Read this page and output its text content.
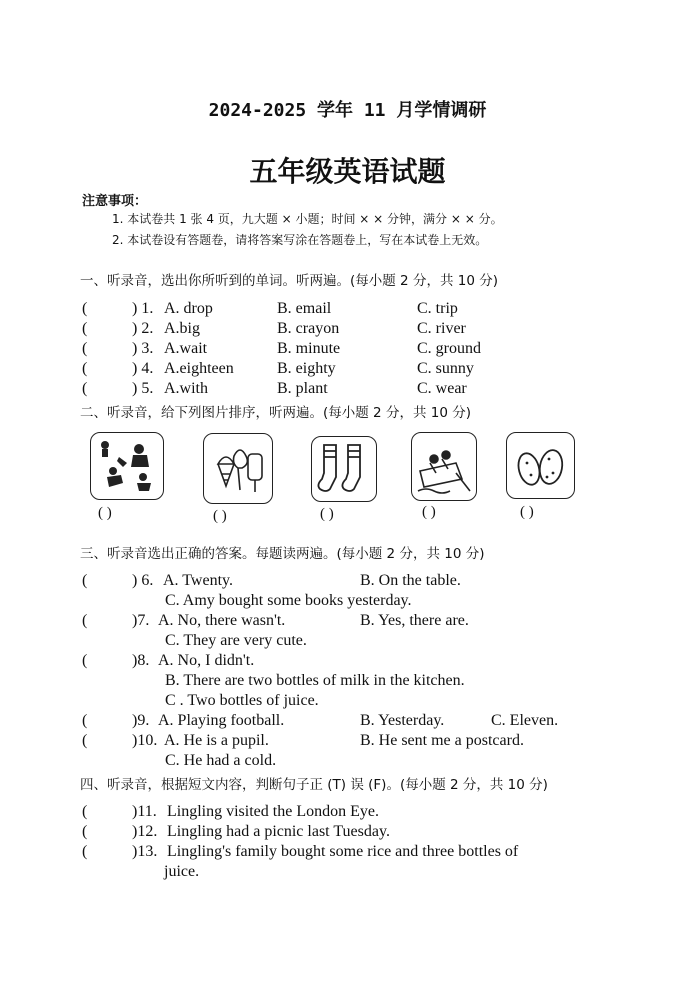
2024-2025 学年 11 月学情调研
五年级英语试题
注意事项：
1. 本试卷共 1 张 4 页，九大题 × 小题；时间 × × 分钟，满分 × × 分。
2. 本试卷设有答题卷，请将答案写涂在答题卷上，写在本试卷上无效。
一、听录音，选出你所听到的单词。听两遍。(每小题 2 分，共 10 分)
(	) 1. A. drop	B. email	C. trip
(	) 2. A.big	B. crayon	C. river
(	) 3. A.wait	B. minute	C. ground
(	) 4. A.eighteen	B. eighty	C. sunny
(	) 5. A.with	B. plant	C. wear
二、听录音，给下列图片排序，听两遍。(每小题 2 分，共 10 分)
( )	( )	( )	( )	( )
三、听录音选出正确的答案。每题读两遍。(每小题 2 分，共 10 分)
(	) 6. A. Twenty.	B. On the table.
C. Amy bought some books yesterday.
(	)7. A. No, there wasn't.	B. Yes, there are.
C. They are very cute.
(	)8. A. No, I didn't.
B. There are two bottles of milk in the kitchen.
C . Two bottles of juice.
(	)9. A. Playing football.	B. Yesterday.	C. Eleven.
(	)10. A. He is a pupil.	B. He sent me a postcard.
C. He had a cold.
四、听录音，根据短文内容，判断句子正 (T) 误 (F)。(每小题 2 分，共 10 分)
(	)11. Lingling visited the London Eye.
(	)12. Lingling had a picnic last Tuesday.
(	)13. Lingling's family bought some rice and three bottles of
juice.
